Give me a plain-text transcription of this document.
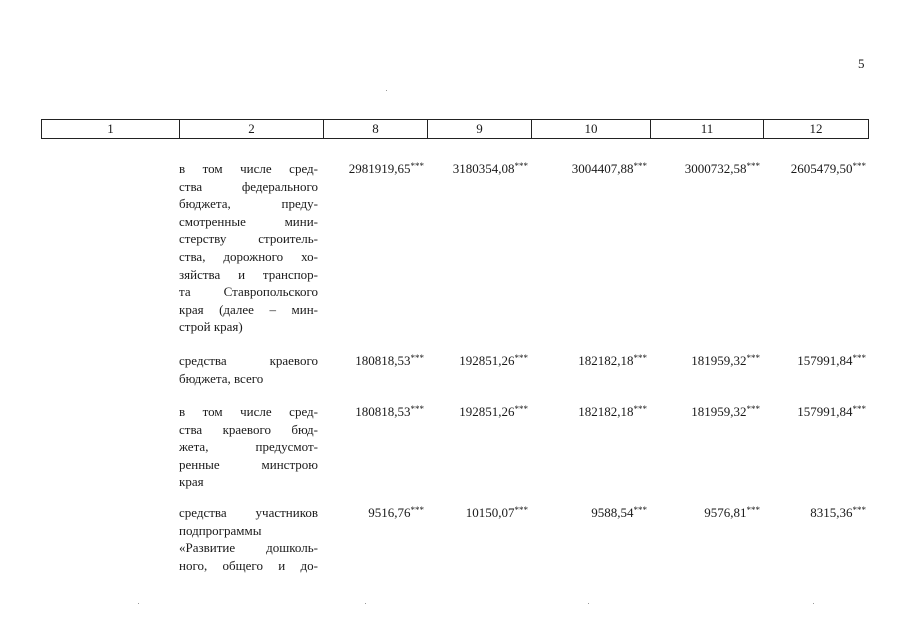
5
1	2	8	9	10	11	12
в том числе сред-
ства федерального
бюджета, преду-
смотренные мини-
стерству строитель-
ства, дорожного хо-
зяйства и транспор-
та Ставропольского
края (далее – мин-
строй края)
2981919,65***	3180354,08***	3004407,88***	3000732,58***	2605479,50***
средства краевого
бюджета, всего
180818,53***	192851,26***	182182,18***	181959,32***	157991,84***
в том числе сред-
ства краевого бюд-
жета, предусмот-
ренные минстрою
края
180818,53***	192851,26***	182182,18***	181959,32***	157991,84***
средства участников
подпрограммы
«Развитие дошколь-
ного, общего и до-
9516,76***	10150,07***	9588,54***	9576,81***	8315,36***
